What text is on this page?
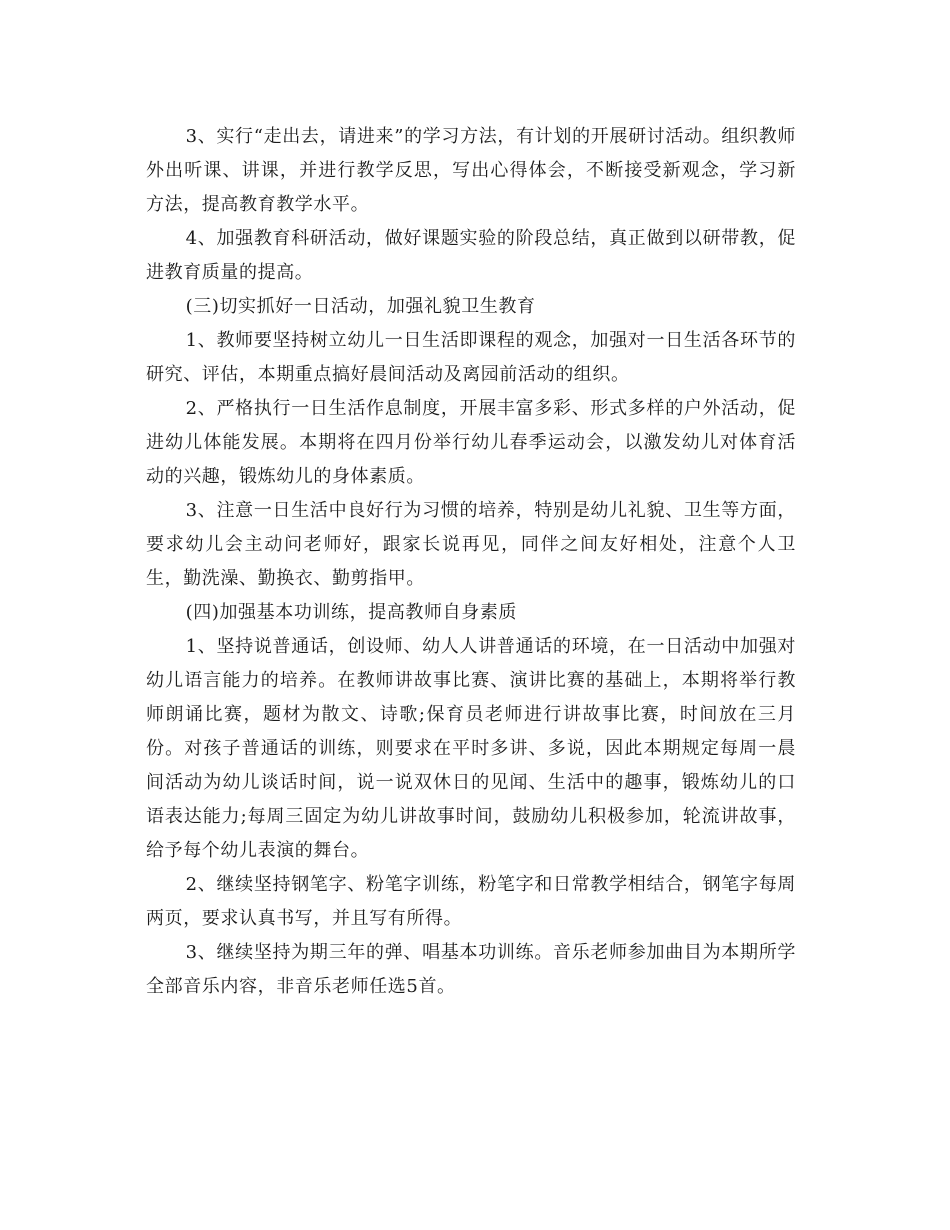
3、实行“走出去，请进来”的学习方法，有计划的开展研讨活动。组织教师外出听课、讲课，并进行教学反思，写出心得体会，不断接受新观念，学习新方法，提高教育教学水平。

4、加强教育科研活动，做好课题实验的阶段总结，真正做到以研带教，促进教育质量的提高。

(三)切实抓好一日活动，加强礼貌卫生教育

1、教师要坚持树立幼儿一日生活即课程的观念，加强对一日生活各环节的研究、评估，本期重点搞好晨间活动及离园前活动的组织。

2、严格执行一日生活作息制度，开展丰富多彩、形式多样的户外活动，促进幼儿体能发展。本期将在四月份举行幼儿春季运动会，以激发幼儿对体育活动的兴趣，锻炼幼儿的身体素质。

3、注意一日生活中良好行为习惯的培养，特别是幼儿礼貌、卫生等方面，要求幼儿会主动问老师好，跟家长说再见，同伴之间友好相处，注意个人卫生，勤洗澡、勤换衣、勤剪指甲。

(四)加强基本功训练，提高教师自身素质

1、坚持说普通话，创设师、幼人人讲普通话的环境，在一日活动中加强对幼儿语言能力的培养。在教师讲故事比赛、演讲比赛的基础上，本期将举行教师朗诵比赛，题材为散文、诗歌;保育员老师进行讲故事比赛，时间放在三月份。对孩子普通话的训练，则要求在平时多讲、多说，因此本期规定每周一晨间活动为幼儿谈话时间，说一说双休日的见闻、生活中的趣事，锻炼幼儿的口语表达能力;每周三固定为幼儿讲故事时间，鼓励幼儿积极参加，轮流讲故事，给予每个幼儿表演的舞台。

2、继续坚持钢笔字、粉笔字训练，粉笔字和日常教学相结合，钢笔字每周两页，要求认真书写，并且写有所得。

3、继续坚持为期三年的弹、唱基本功训练。音乐老师参加曲目为本期所学全部音乐内容，非音乐老师任选5首。
